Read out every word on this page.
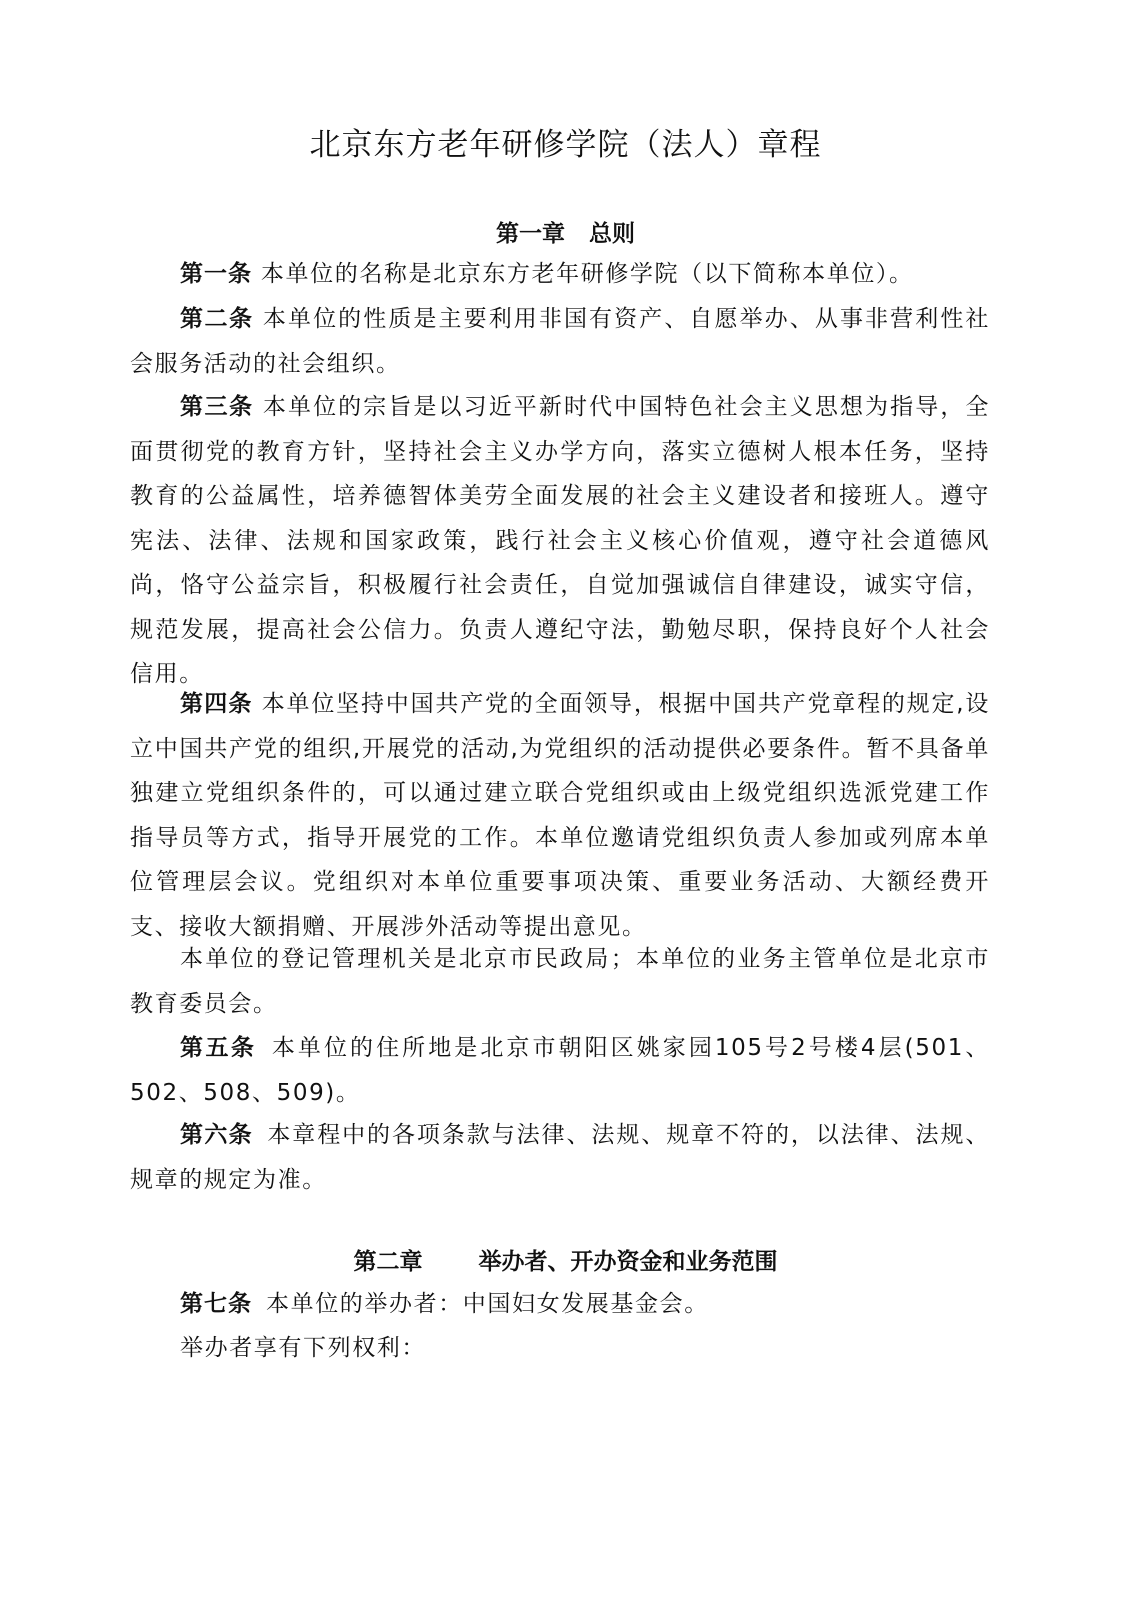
北京东方老年研修学院（法人）章程
第一章 总则

第一条 本单位的名称是北京东方老年研修学院（以下简称本单位）。

第二条 本单位的性质是主要利用非国有资产、自愿举办、从事非营利性社会服务活动的社会组织。

第三条 本单位的宗旨是以习近平新时代中国特色社会主义思想为指导，全面贯彻党的教育方针，坚持社会主义办学方向，落实立德树人根本任务，坚持教育的公益属性，培养德智体美劳全面发展的社会主义建设者和接班人。遵守宪法、法律、法规和国家政策，践行社会主义核心价值观，遵守社会道德风尚，恪守公益宗旨，积极履行社会责任，自觉加强诚信自律建设，诚实守信，规范发展，提高社会公信力。负责人遵纪守法，勤勉尽职，保持良好个人社会信用。

第四条 本单位坚持中国共产党的全面领导，根据中国共产党章程的规定,设立中国共产党的组织,开展党的活动,为党组织的活动提供必要条件。暂不具备单独建立党组织条件的，可以通过建立联合党组织或由上级党组织选派党建工作指导员等方式，指导开展党的工作。本单位邀请党组织负责人参加或列席本单位管理层会议。党组织对本单位重要事项决策、重要业务活动、大额经费开支、接收大额捐赠、开展涉外活动等提出意见。

本单位的登记管理机关是北京市民政局；本单位的业务主管单位是北京市教育委员会。

第五条 本单位的住所地是北京市朝阳区姚家园105号2号楼4层(501、502、508、509)。

第六条 本章程中的各项条款与法律、法规、规章不符的，以法律、法规、规章的规定为准。

第二章 举办者、开办资金和业务范围

第七条 本单位的举办者：中国妇女发展基金会。

举办者享有下列权利：
